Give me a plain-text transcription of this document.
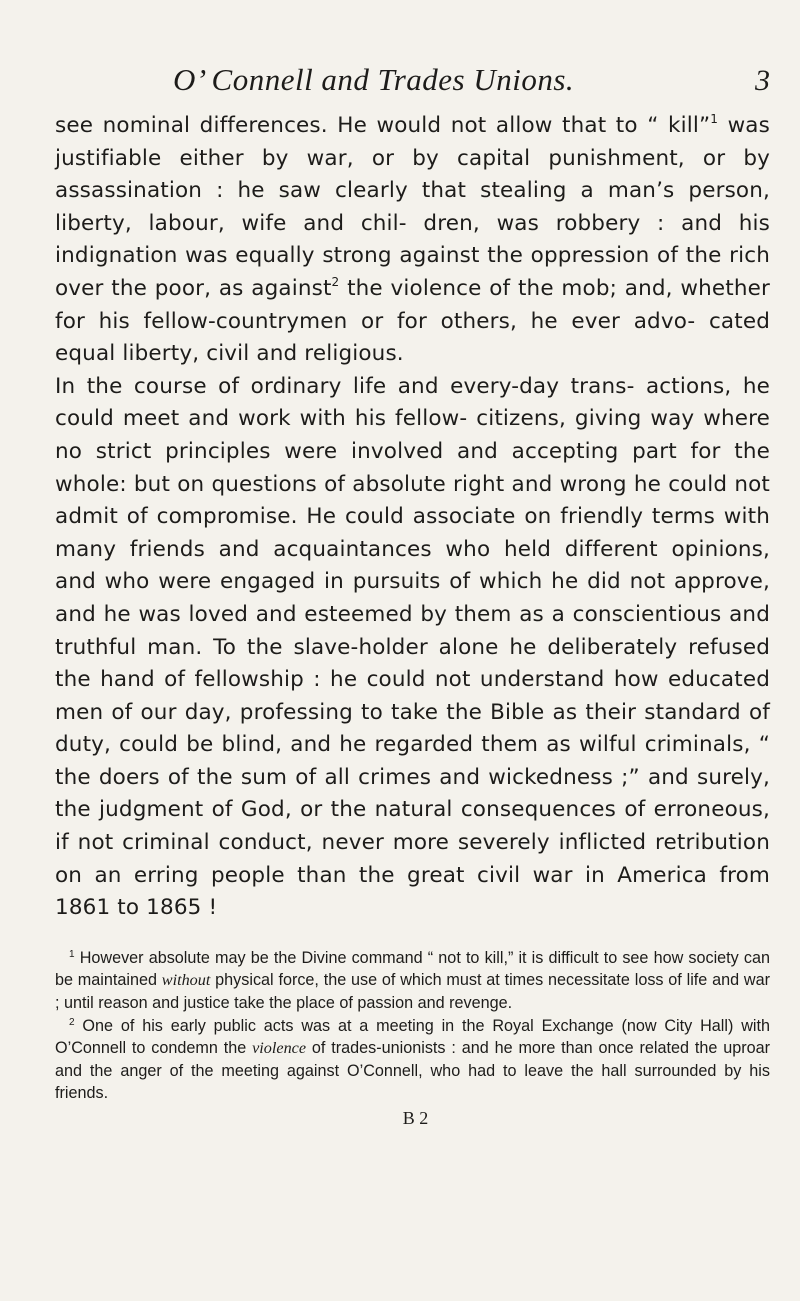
O’ Connell and Trades Unions.	3

see nominal differences. He would not allow that to “ kill”$^1$ was justifiable either by war, or by capital punishment, or by assassination : he saw clearly that stealing a man’s person, liberty, labour, wife and chil- dren, was robbery : and his indignation was equally strong against the oppression of the rich over the poor, as against$^2$ the violence of the mob; and, whether for his fellow-countrymen or for others, he ever advo- cated equal liberty, civil and religious.

In the course of ordinary life and every-day trans- actions, he could meet and work with his fellow- citizens, giving way where no strict principles were involved and accepting part for the whole: but on questions of absolute right and wrong he could not admit of compromise. He could associate on friendly terms with many friends and acquaintances who held different opinions, and who were engaged in pursuits of which he did not approve, and he was loved and esteemed by them as a conscientious and truthful man. To the slave-holder alone he deliberately refused the hand of fellowship : he could not understand how educated men of our day, professing to take the Bible as their standard of duty, could be blind, and he regarded them as wilful criminals, “ the doers of the sum of all crimes and wickedness ;” and surely, the judgment of God, or the natural consequences of erroneous, if not criminal conduct, never more severely inflicted retribution on an erring people than the great civil war in America from 1861 to 1865 !

$^1$ However absolute may be the Divine command “ not to kill,” it is difficult to see how society can be maintained without physical force, the use of which must at times necessitate loss of life and war ; until reason and justice take the place of passion and revenge.

$^2$ One of his early public acts was at a meeting in the Royal Exchange (now City Hall) with O’Connell to condemn the violence of trades-unionists : and he more than once related the uproar and the anger of the meeting against O’Connell, who had to leave the hall surrounded by his friends.

B 2
